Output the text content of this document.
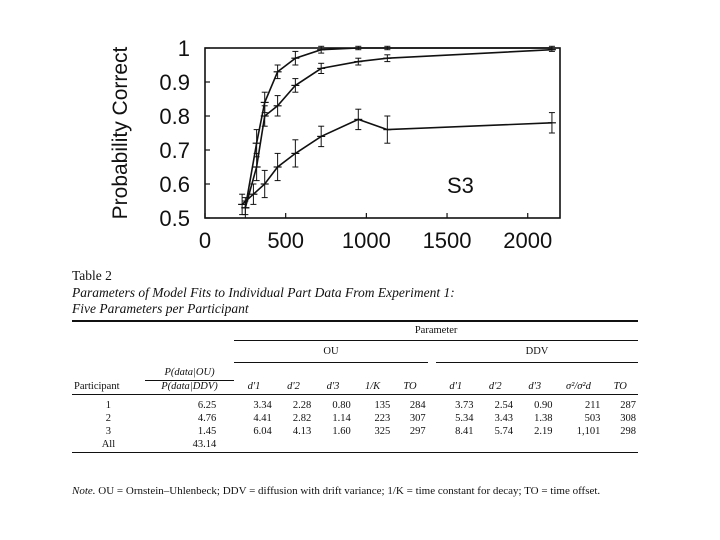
Probability Correct	S3
0.5
0.6
0.7
0.8
0.9
1
0	500 1000 1500 2000
Table 2
Parameters of Model Fits to Individual Part Data From Experiment 1:
Five Parameters per Participant
		Parameter										
		OU						DDV				
	P(data|OU)											
Participant	P(data|DDV)	d'1	d'2	d'3	1/K	TO		d'1	d'2	d'3	σ²/σ²d	TO

1	6.25	3.34	2.28	0.80	135	284		3.73	2.54	0.90	211	287
2	4.76	4.41	2.82	1.14	223	307		5.34	3.43	1.38	503	308
3	1.45	6.04	4.13	1.60	325	297		8.41	5.74	2.19	1,101	298
All	43.14											
Note. OU = Ornstein–Uhlenbeck; DDV = diffusion with drift variance; 1/K = time constant for decay; TO = time offset.
